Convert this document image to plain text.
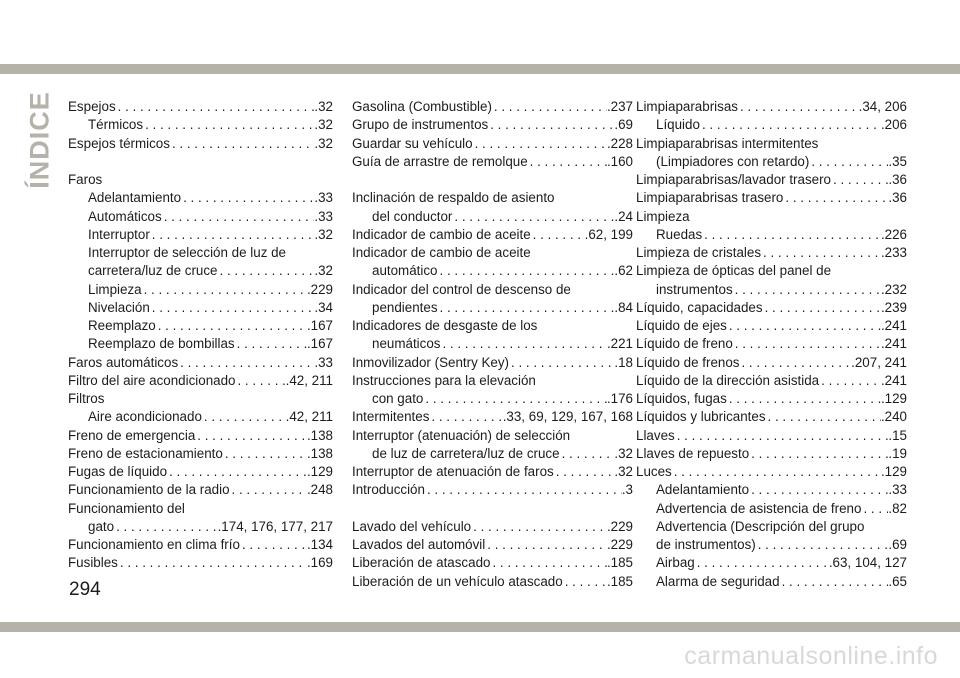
ÍNDICE Espejos . . .	.32
Térmicos . . .	.32
Espejos térmicos . . .	.32
Faros
Adelantamiento . . .	.33
Automáticos . . .	.33
Interruptor . . .	.32
Interruptor de selección de luz de
carretera/luz de cruce . . .	.32
Limpieza . . .	.229
Nivelación . . .	.34
Reemplazo . . .	.167
Reemplazo de bombillas . . .	.167
Faros automáticos . . .	.33
Filtro del aire acondicionado . . .	.42, 211
Filtros
Aire acondicionado . . .	.42, 211
Freno de emergencia . . .	.138
Freno de estacionamiento . . .	.138
Fugas de líquido . . .	.129
Funcionamiento de la radio . . .	.248
Funcionamiento del
gato . . .	.174, 176, 177, 217
Funcionamiento en clima frío . . .	.134
Fusibles . . .	.169
Gasolina (Combustible) . . .	.237
Grupo de instrumentos . . .	.69
Guardar su vehículo . . .	.228
Guía de arrastre de remolque . . .	.160
Inclinación de respaldo de asiento
del conductor . . .	.24
Indicador de cambio de aceite . . .	.62, 199
Indicador de cambio de aceite
automático . . .	.62
Indicador del control de descenso de
pendientes . . .	.84
Indicadores de desgaste de los
neumáticos . . .	.221
Inmovilizador (Sentry Key) . . .	.18
Instrucciones para la elevación
con gato . . .	.176
Intermitentes . . .	.33, 69, 129, 167, 168
Interruptor (atenuación) de selección
de luz de carretera/luz de cruce . . .	.32
Interruptor de atenuación de faros . . .	.32
Introducción . . .	.3
Lavado del vehículo . . .	.229
Lavados del automóvil . . .	.229
Liberación de atascado . . .	.185
Liberación de un vehículo atascado . . .	.185
Limpiaparabrisas . . .	.34, 206
Líquido . . .	.206
Limpiaparabrisas intermitentes
(Limpiadores con retardo) . . .	.35
Limpiaparabrisas/lavador trasero . . .	.36
Limpiaparabrisas trasero . . .	.36
Limpieza
Ruedas . . .	.226
Limpieza de cristales . . .	.233
Limpieza de ópticas del panel de
instrumentos . . .	.232
Líquido, capacidades . . .	.239
Líquido de ejes . . .	.241
Líquido de freno . . .	.241
Líquido de frenos . . .	.207, 241
Líquido de la dirección asistida . . .	.241
Líquidos, fugas . . .	.129
Líquidos y lubricantes . . .	.240
Llaves . . .	.15
Llaves de repuesto . . .	.19
Luces . . .	.129
Adelantamiento . . .	.33
Advertencia de asistencia de freno . . . .82
Advertencia (Descripción del grupo
de instrumentos) . . .	.69
Airbag . . .	.63, 104, 127
Alarma de seguridad . . .	.65
294
carmanualsonline.info
